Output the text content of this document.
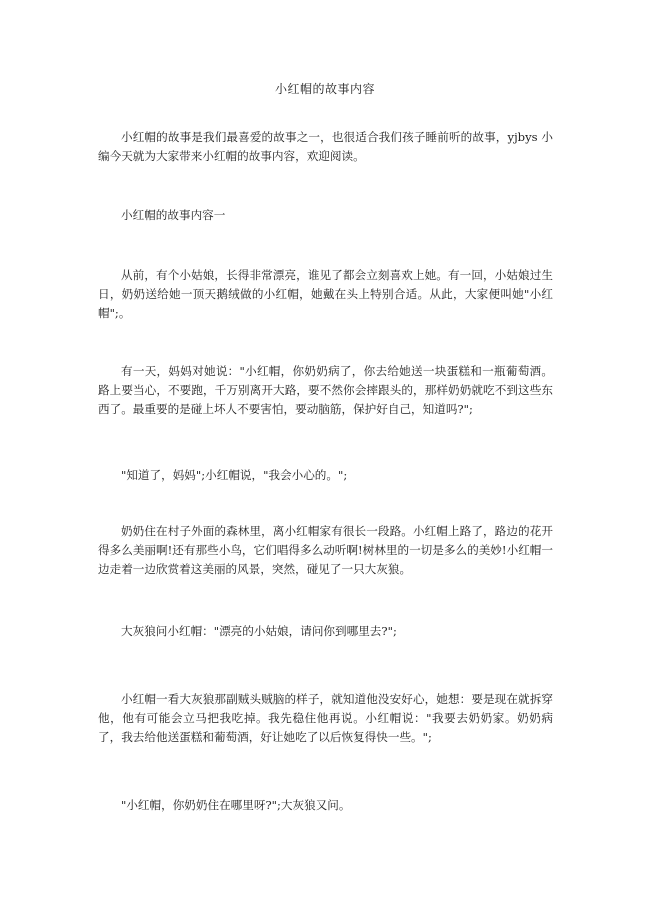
小红帽的故事内容

小红帽的故事是我们最喜爱的故事之一，也很适合我们孩子睡前听的故事，yjbys 小编今天就为大家带来小红帽的故事内容，欢迎阅读。

小红帽的故事内容一

从前，有个小姑娘，长得非常漂亮，谁见了都会立刻喜欢上她。有一回，小姑娘过生日，奶奶送给她一顶天鹅绒做的小红帽，她戴在头上特别合适。从此，大家便叫她"小红帽";。

有一天，妈妈对她说："小红帽，你奶奶病了，你去给她送一块蛋糕和一瓶葡萄酒。路上要当心，不要跑，千万别离开大路，要不然你会摔跟头的，那样奶奶就吃不到这些东西了。最重要的是碰上坏人不要害怕，要动脑筋，保护好自己，知道吗?";

"知道了，妈妈";小红帽说，"我会小心的。";

奶奶住在村子外面的森林里，离小红帽家有很长一段路。小红帽上路了，路边的花开得多么美丽啊!还有那些小鸟，它们唱得多么动听啊!树林里的一切是多么的美妙!小红帽一边走着一边欣赏着这美丽的风景，突然，碰见了一只大灰狼。

大灰狼问小红帽："漂亮的小姑娘，请问你到哪里去?";

小红帽一看大灰狼那副贼头贼脑的样子，就知道他没安好心，她想：要是现在就拆穿他，他有可能会立马把我吃掉。我先稳住他再说。小红帽说："我要去奶奶家。奶奶病了，我去给他送蛋糕和葡萄酒，好让她吃了以后恢复得快一些。";

"小红帽，你奶奶住在哪里呀?";大灰狼又问。
